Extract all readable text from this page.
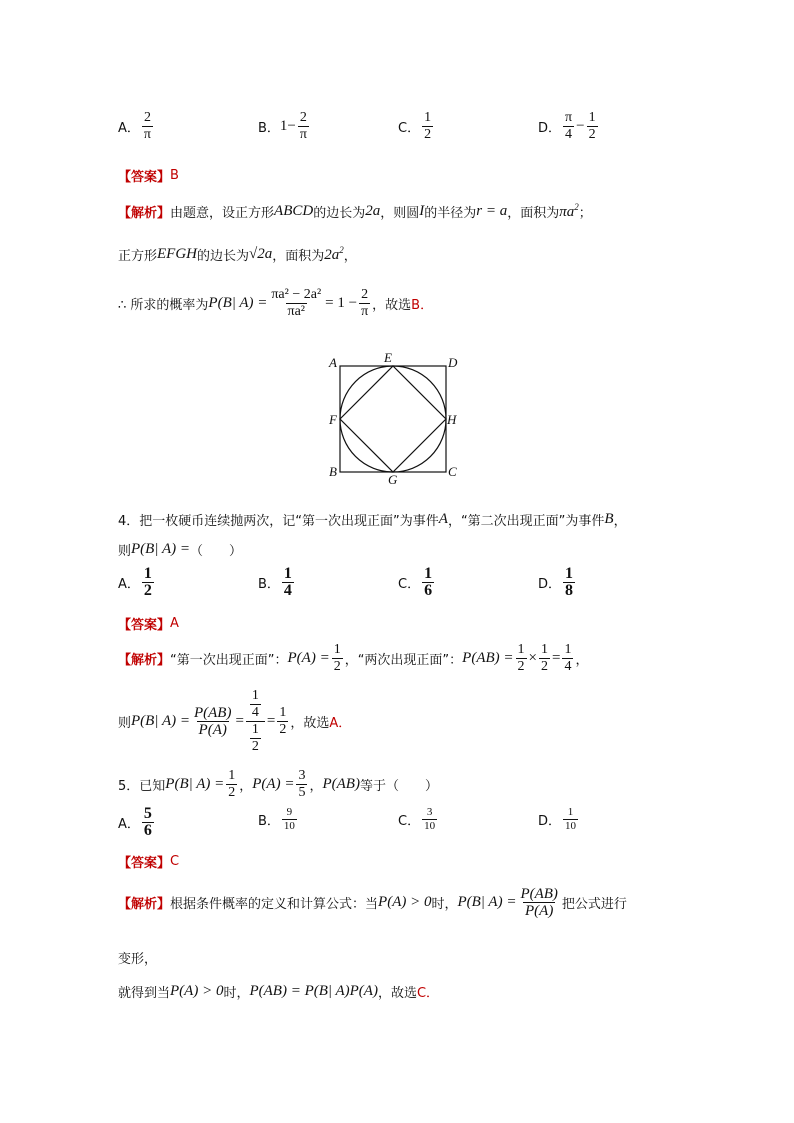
A． $\frac{2}{\pi}$	B． $1- \frac{2}{\pi}$	C． $\frac{1}{2}$	D． $\frac{\pi}{4} - \frac{1}{2}$
【答案】 B
【解析】 由题意，设正方形 ABCD 的边长为 2a ，则圆 I 的半径为 r = a ，面积为 $\pi a^2$ ；
正方形 EFGH 的边长为 √2a ，面积为 $2a^2$ ，
∴ 所求的概率为 P(B| $A) = \frac{\text{πa² − 2a²}}{\text{πa²}} = 1 - \frac{2}{\pi}$ ，故选 B．
A	E	D
F	H
B
G
C
4． 把一枚硬币连续抛两次，记“第一次出现正面”为事件 A ，“第二次出现正面”为事件 B ，
则 P(B| A) = （　　）
A． $\frac{1}{2}$	B． $\frac{1}{4}$	C． $\frac{1}{6}$	D． $\frac{1}{8}$
【答案】 A
【解析】 “第一次出现正面”： $P(A) = \frac{1}{2}$ ，“两次出现正面”： $P(AB) = \frac{1}{2} \times \frac{1}{2} = \frac{1}{4}$ ，
则 P(B| $A) = \frac{P(AB)}{P(A)} = \frac{\frac{1}{4}}{\frac{1}{2}} = \frac{1}{2}$ ，故选 A．
5． 已知 P(B| $A) = \frac{1}{2}$ ， $P(A) = \frac{3}{5}$ ， P(AB) 等于（　　）
A． $\frac{5}{6}$	B． $\frac{9}{10}$	C． $\frac{3}{10}$	D． $\frac{1}{10}$
【答案】 C
【解析】 根据条件概率的定义和计算公式：当 P(A) > 0 时， P(B| $A) = \frac{P(AB)}{P(A)}$ 把公式进行
变形，
就得到当 P(A) > 0 时， P(AB) = P(B| A)P(A) ，故选 C．
